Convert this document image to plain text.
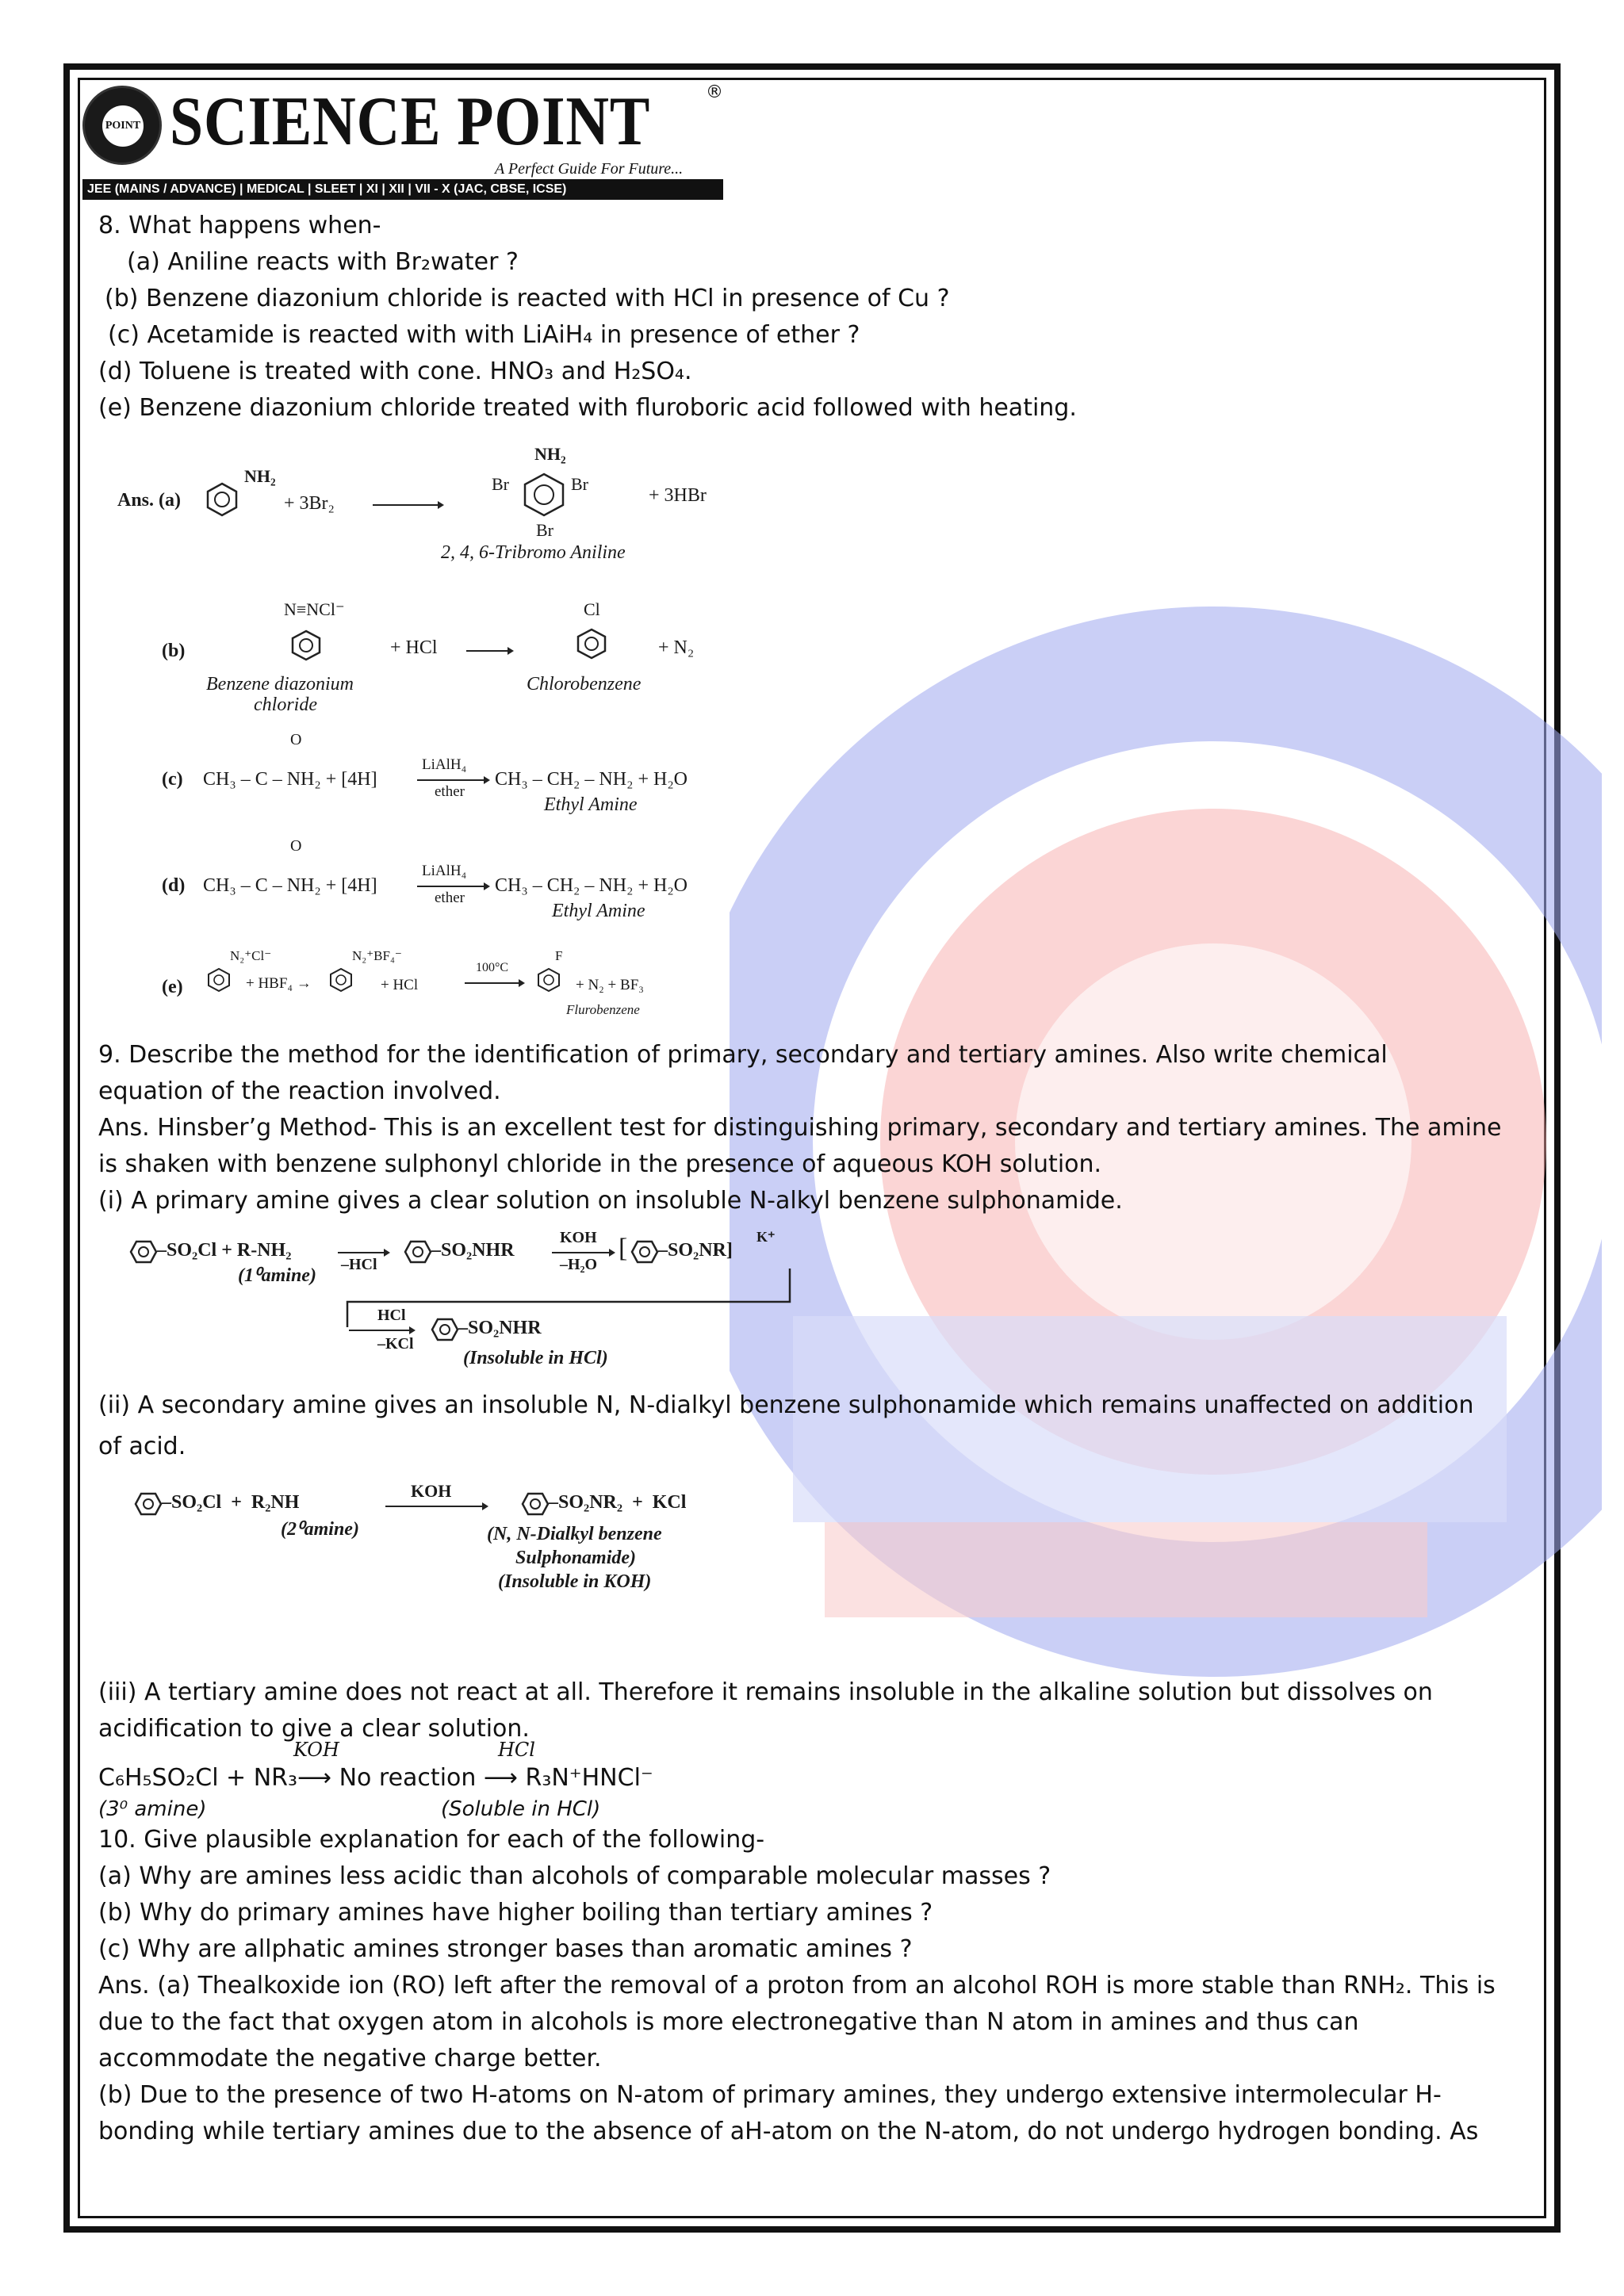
POINT SCIENCE POINT	®
A Perfect Guide For Future...
JEE (MAINS / ADVANCE) | MEDICAL | SLEET | XI | XII | VII - X (JAC, CBSE, ICSE)
8. What happens when-
(a) Aniline reacts with Br₂water ?
(b) Benzene diazonium chloride is reacted with HCl in presence of Cu ?
(c) Acetamide is reacted with with LiAiH₄ in presence of ether ?
(d) Toluene is treated with cone. HNO₃ and H₂SO₄.
(e) Benzene diazonium chloride treated with fluroboric acid followed with heating.
Ans. (a)
NH₂
+ 3Br₂
NH₂
Br	Br
+ 3HBr
Br
2, 4, 6-Tribromo Aniline
(b)
N≡NCl⁻
+ HCl
Cl
+ N₂
Benzene diazonium
chloride
Chlorobenzene
(c)
O
CH₃ – C – NH₂ + [4H]
LiAlH₄
ether
CH₃ – CH₂ – NH₂ + H₂O
Ethyl Amine
(d)
O
CH₃ – C – NH₂ + [4H]
LiAlH₄
ether
CH₃ – CH₂ – NH₂ + H₂O
Ethyl Amine
(e)
N₂⁺Cl⁻
+ HBF₄ →
N₂⁺BF₄⁻
+ HCl
100°C
F
+ N₂ + BF₃
Flurobenzene
9. Describe the method for the identification of primary, secondary and tertiary amines. Also write chemical
equation of the reaction involved.
Ans. Hinsber’g Method- This is an excellent test for distinguishing primary, secondary and tertiary amines. The amine
is shaken with benzene sulphonyl chloride in the presence of aqueous KOH solution.
(i) A primary amine gives a clear solution on insoluble N-alkyl benzene sulphonamide.
–SO₂Cl + R-NH₂
(1⁰amine)
–HCl
–SO₂NHR
KOH
–H₂O
[ –SO₂NR]
K⁺
HCl
–KCl
–SO₂NHR
(Insoluble in HCl)
(ii) A secondary amine gives an insoluble N, N-dialkyl benzene sulphonamide which remains unaffected on addition
of acid.
–SO₂Cl  +  R₂NH
(2⁰amine)
KOH
–SO₂NR₂  +  KCl
(N, N-Dialkyl benzene
Sulphonamide)
(Insoluble in KOH)
(iii) A tertiary amine does not react at all. Therefore it remains insoluble in the alkaline solution but dissolves on
acidification to give a clear solution.
KOH	HCl
C₆H₅SO₂Cl + NR₃⟶ No reaction ⟶ R₃N⁺HNCl⁻
(3⁰ amine)	(Soluble in HCl)
10. Give plausible explanation for each of the following-
(a) Why are amines less acidic than alcohols of comparable molecular masses ?
(b) Why do primary amines have higher boiling than tertiary amines ?
(c) Why are allphatic amines stronger bases than aromatic amines ?
Ans. (a) Thealkoxide ion (RO) left after the removal of a proton from an alcohol ROH is more stable than RNH₂. This is
due to the fact that oxygen atom in alcohols is more electronegative than N atom in amines and thus can
accommodate the negative charge better.
(b) Due to the presence of two H-atoms on N-atom of primary amines, they undergo extensive intermolecular H-
bonding while tertiary amines due to the absence of aH-atom on the N-atom, do not undergo hydrogen bonding. As
